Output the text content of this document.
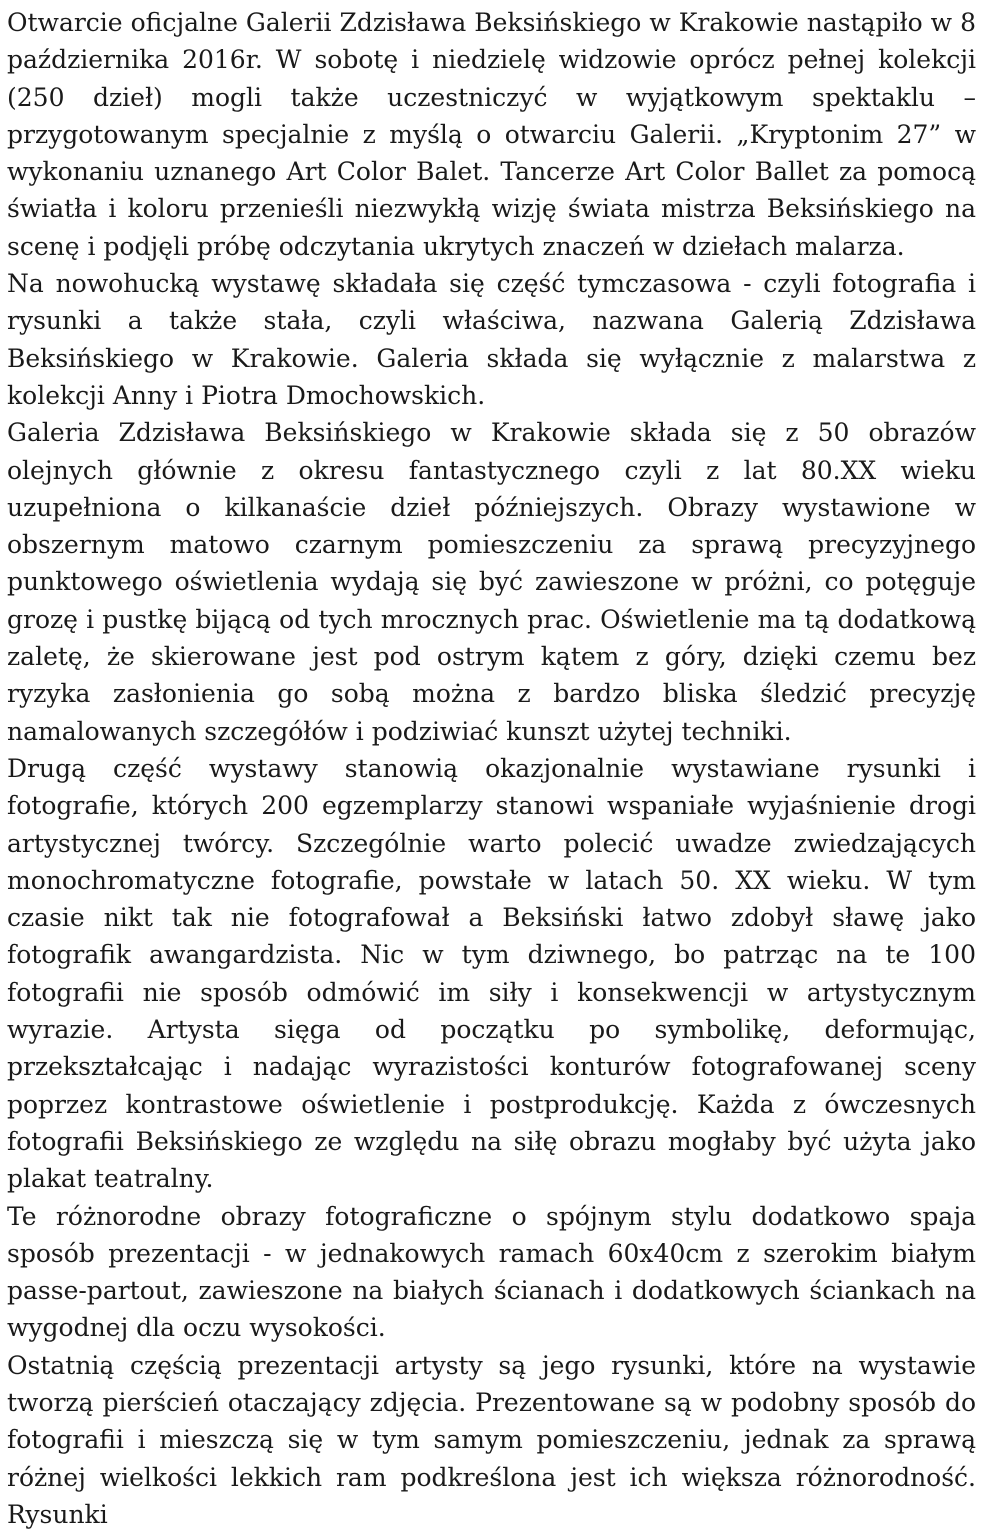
Otwarcie oficjalne Galerii Zdzisława Beksińskiego w Krakowie nastąpiło w 8 października 2016r. W sobotę i niedzielę widzowie oprócz pełnej kolekcji (250 dzieł) mogli także uczestniczyć w wyjątkowym spektaklu – przygotowanym specjalnie z myślą o otwarciu Galerii. „Kryptonim 27” w wykonaniu uznanego Art Color Balet. Tancerze Art Color Ballet za pomocą światła i koloru przenieśli niezwykłą wizję świata mistrza Beksińskiego na scenę i podjęli próbę odczytania ukrytych znaczeń w dziełach malarza.

Na nowohucką wystawę składała się część tymczasowa - czyli fotografia i rysunki a także stała, czyli właściwa, nazwana Galerią Zdzisława Beksińskiego w Krakowie. Galeria składa się wyłącznie z malarstwa z kolekcji Anny i Piotra Dmochowskich.

Galeria Zdzisława Beksińskiego w Krakowie składa się z 50 obrazów olejnych głównie z okresu fantastycznego czyli z lat 80.XX wieku uzupełniona o kilkanaście dzieł późniejszych. Obrazy wystawione w obszernym matowo czarnym pomieszczeniu za sprawą precyzyjnego punktowego oświetlenia wydają się być zawieszone w próżni, co potęguje grozę i pustkę bijącą od tych mrocznych prac. Oświetlenie ma tą dodatkową zaletę, że skierowane jest pod ostrym kątem z góry, dzięki czemu bez ryzyka zasłonienia go sobą można z bardzo bliska śledzić precyzję namalowanych szczegółów i podziwiać kunszt użytej techniki.

Drugą część wystawy stanowią okazjonalnie wystawiane rysunki i fotografie, których 200 egzemplarzy stanowi wspaniałe wyjaśnienie drogi artystycznej twórcy. Szczególnie warto polecić uwadze zwiedzających monochromatyczne fotografie, powstałe w latach 50. XX wieku. W tym czasie nikt tak nie fotografował a Beksiński łatwo zdobył sławę jako fotografik awangardzista. Nic w tym dziwnego, bo patrząc na te 100 fotografii nie sposób odmówić im siły i konsekwencji w artystycznym wyrazie. Artysta sięga od początku po symbolikę, deformując, przekształcając i nadając wyrazistości konturów fotografowanej sceny poprzez kontrastowe oświetlenie i postprodukcję. Każda z ówczesnych fotografii Beksińskiego ze względu na siłę obrazu mogłaby być użyta jako plakat teatralny.

Te różnorodne obrazy fotograficzne o spójnym stylu dodatkowo spaja sposób prezentacji - w jednakowych ramach 60x40cm z szerokim białym passe-partout, zawieszone na białych ścianach i dodatkowych ściankach na wygodnej dla oczu wysokości.

Ostatnią częścią prezentacji artysty są jego rysunki, które na wystawie tworzą pierścień otaczający zdjęcia. Prezentowane są w podobny sposób do fotografii i mieszczą się w tym samym pomieszczeniu, jednak za sprawą różnej wielkości lekkich ram podkreślona jest ich większa różnorodność. Rysunki
